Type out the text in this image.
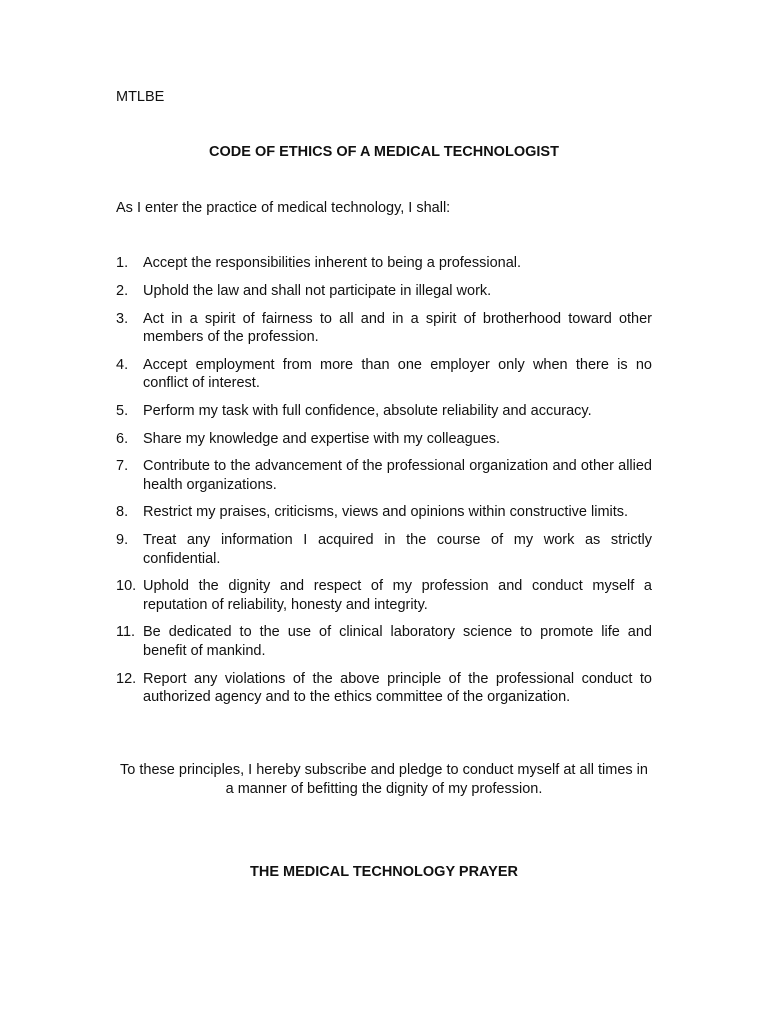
MTLBE
CODE OF ETHICS OF A MEDICAL TECHNOLOGIST
As I enter the practice of medical technology, I shall:
1. Accept the responsibilities inherent to being a professional.
2. Uphold the law and shall not participate in illegal work.
3. Act in a spirit of fairness to all and in a spirit of brotherhood toward other members of the profession.
4. Accept employment from more than one employer only when there is no conflict of interest.
5. Perform my task with full confidence, absolute reliability and accuracy.
6. Share my knowledge and expertise with my colleagues.
7. Contribute to the advancement of the professional organization and other allied health organizations.
8. Restrict my praises, criticisms, views and opinions within constructive limits.
9. Treat any information I acquired in the course of my work as strictly confidential.
10. Uphold the dignity and respect of my profession and conduct myself a reputation of reliability, honesty and integrity.
11. Be dedicated to the use of clinical laboratory science to promote life and benefit of mankind.
12. Report any violations of the above principle of the professional conduct to authorized agency and to the ethics committee of the organization.
To these principles, I hereby subscribe and pledge to conduct myself at all times in a manner of befitting the dignity of my profession.
THE MEDICAL TECHNOLOGY PRAYER
